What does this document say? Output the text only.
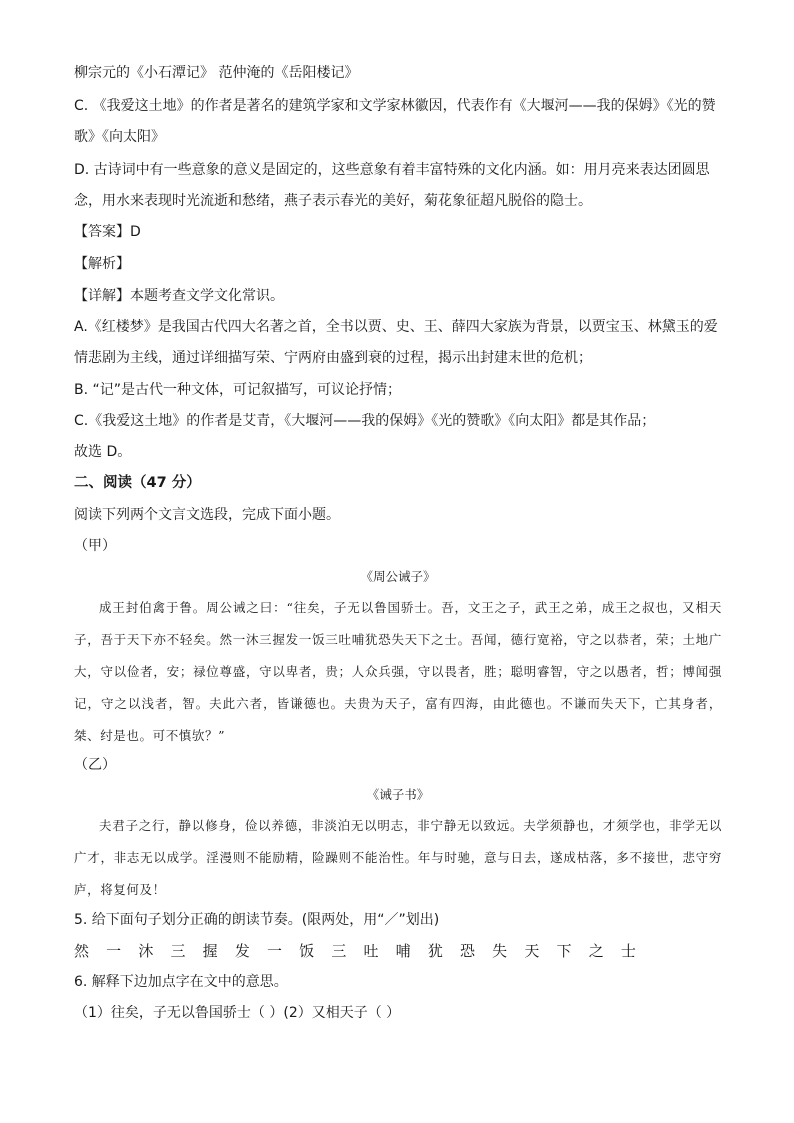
柳宗元的《小石潭记》 范仲淹的《岳阳楼记》
C. 《我爱这土地》的作者是著名的建筑学家和文学家林徽因，代表作有《大堰河——我的保姆》《光的赞
歌》《向太阳》
D. 古诗词中有一些意象的意义是固定的，这些意象有着丰富特殊的文化内涵。如：用月亮来表达团圆思
念，用水来表现时光流逝和愁绪，燕子表示春光的美好，菊花象征超凡脱俗的隐士。
【答案】D
【解析】
【详解】本题考查文学文化常识。
A.《红楼梦》是我国古代四大名著之首，全书以贾、史、王、薛四大家族为背景，以贾宝玉、林黛玉的爱
情悲剧为主线，通过详细描写荣、宁两府由盛到衰的过程，揭示出封建末世的危机；
B. “记”是古代一种文体，可记叙描写，可议论抒情；
C.《我爱这土地》的作者是艾青，《大堰河——我的保姆》《光的赞歌》《向太阳》都是其作品；
故选 D。
二、阅读（47 分）
阅读下列两个文言文选段，完成下面小题。
（甲）
《周公诫子》

成王封伯禽于鲁。周公诫之曰：“往矣，子无以鲁国骄士。吾，文王之子，武王之弟，成王之叔也，又相天子，吾于天下亦不轻矣。然一沐三握发一饭三吐哺犹恐失天下之士。吾闻，德行宽裕，守之以恭者，荣；土地广大，守以俭者，安；禄位尊盛，守以卑者，贵；人众兵强，守以畏者，胜；聪明睿智，守之以愚者，哲；博闻强记，守之以浅者，智。夫此六者，皆谦德也。夫贵为天子，富有四海，由此德也。不谦而失天下，亡其身者，桀、纣是也。可不慎欤？”

（乙）
《诫子书》

夫君子之行，静以修身，俭以养德，非淡泊无以明志，非宁静无以致远。夫学须静也，才须学也，非学无以广才，非志无以成学。淫漫则不能励精，险躁则不能治性。年与时驰，意与日去，遂成枯落，多不接世，悲守穷庐，将复何及！

5. 给下面句子划分正确的朗读节奏。(限两处，用“／”划出)
然 一 沐 三 握 发 一 饭 三 吐 哺 犹 恐 失 天 下 之 士
6. 解释下边加点字在文中的意思。
（1）往矣，子无以鲁国骄士（ ）(2）又相天子（ ）
